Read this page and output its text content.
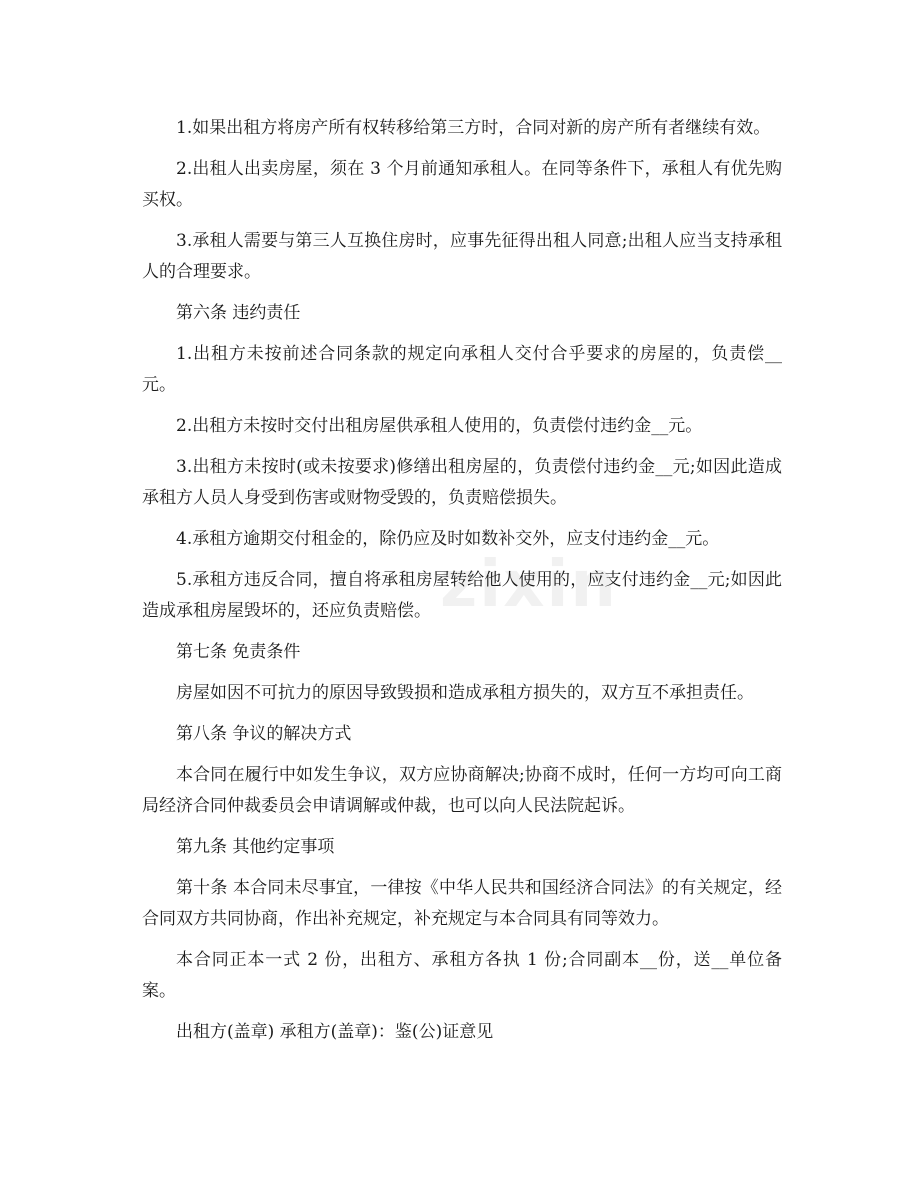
zixin

1.如果出租方将房产所有权转移给第三方时，合同对新的房产所有者继续有效。

2.出租人出卖房屋，须在 3 个月前通知承租人。在同等条件下，承租人有优先购买权。

3.承租人需要与第三人互换住房时，应事先征得出租人同意;出租人应当支持承租人的合理要求。

第六条 违约责任

1.出租方未按前述合同条款的规定向承租人交付合乎要求的房屋的，负责偿__元。

2.出租方未按时交付出租房屋供承租人使用的，负责偿付违约金__元。

3.出租方未按时(或未按要求)修缮出租房屋的，负责偿付违约金__元;如因此造成承租方人员人身受到伤害或财物受毁的，负责赔偿损失。

4.承租方逾期交付租金的，除仍应及时如数补交外，应支付违约金__元。

5.承租方违反合同，擅自将承租房屋转给他人使用的，应支付违约金__元;如因此造成承租房屋毁坏的，还应负责赔偿。

第七条 免责条件

房屋如因不可抗力的原因导致毁损和造成承租方损失的，双方互不承担责任。

第八条 争议的解决方式

本合同在履行中如发生争议，双方应协商解决;协商不成时，任何一方均可向工商局经济合同仲裁委员会申请调解或仲裁，也可以向人民法院起诉。

第九条 其他约定事项

第十条 本合同未尽事宜，一律按《中华人民共和国经济合同法》的有关规定，经合同双方共同协商，作出补充规定，补充规定与本合同具有同等效力。

本合同正本一式 2 份，出租方、承租方各执 1 份;合同副本__份，送__单位备案。

出租方(盖章) 承租方(盖章)：鉴(公)证意见
